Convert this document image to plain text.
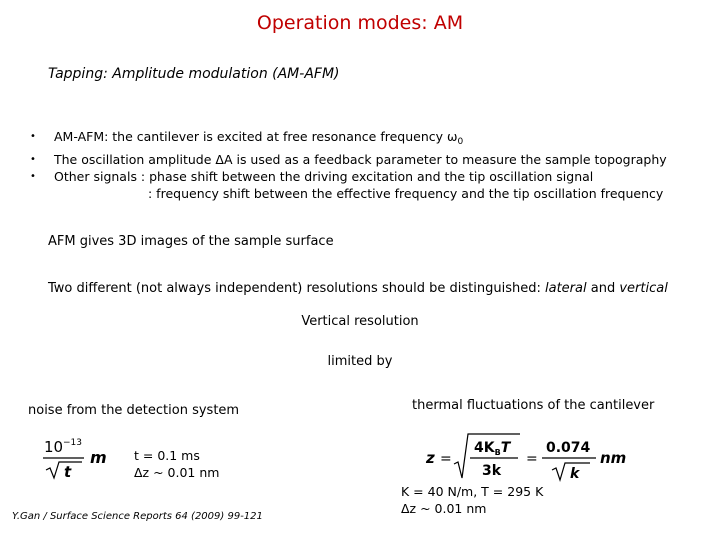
Operation modes: AM
Tapping: Amplitude modulation (AM-AFM)
• AM-AFM: the cantilever is excited at free resonance frequency $\omega_0$
• The oscillation amplitude ΔA is used as a feedback parameter to measure the sample topography
• Other signals : phase shift between the driving excitation and the tip oscillation signal
: frequency shift between the effective frequency and the tip oscillation frequency
AFM gives 3D images of the sample surface
Two different (not always independent) resolutions should be distinguished: lateral and vertical
Vertical resolution
limited by
noise from the detection system	thermal fluctuations of the cantilever
10 −13
t
m t = 0.1 ms
Δz ~ 0.01 nm
Y.Gan / Surface Science Reports 64 (2009) 99-121
z =
$4K_BT$
3k
=
0.074
k
nm
K = 40 N/m, T = 295 K
Δz ~ 0.01 nm
